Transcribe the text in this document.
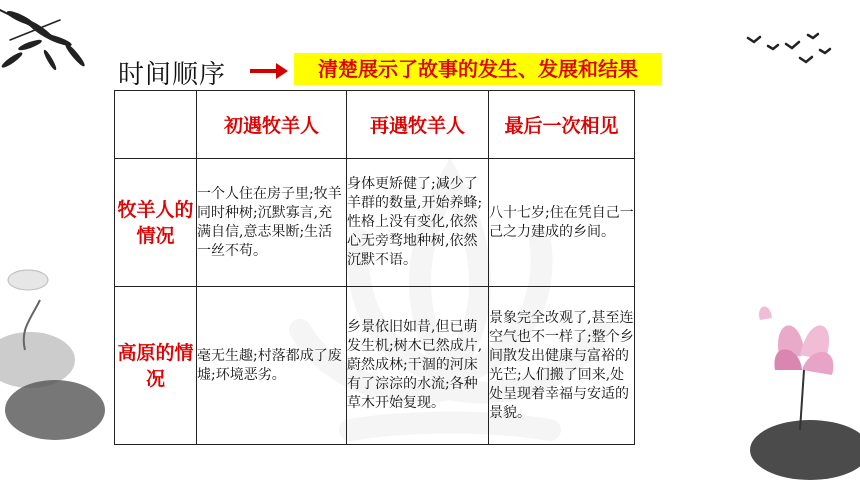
时间顺序	清楚展示了故事的发生、发展和结果
	初遇牧羊人	再遇牧羊人	最后一次相见
牧羊人的情况	一个人住在房子里;牧羊同时种树;沉默寡言,充满自信,意志果断;生活一丝不苟。	身体更矫健了;减少了羊群的数量,开始养蜂;性格上没有变化,依然心无旁骛地种树,依然沉默不语。	八十七岁;住在凭自己一己之力建成的乡间。
高原的情况	毫无生趣;村落都成了废墟;环境恶劣。	乡景依旧如昔,但已萌发生机;树木已然成片,蔚然成林;干涸的河床有了淙淙的水流;各种草木开始复现。	景象完全改观了,甚至连空气也不一样了;整个乡间散发出健康与富裕的光芒;人们搬了回来,处处呈现着幸福与安适的景貌。
